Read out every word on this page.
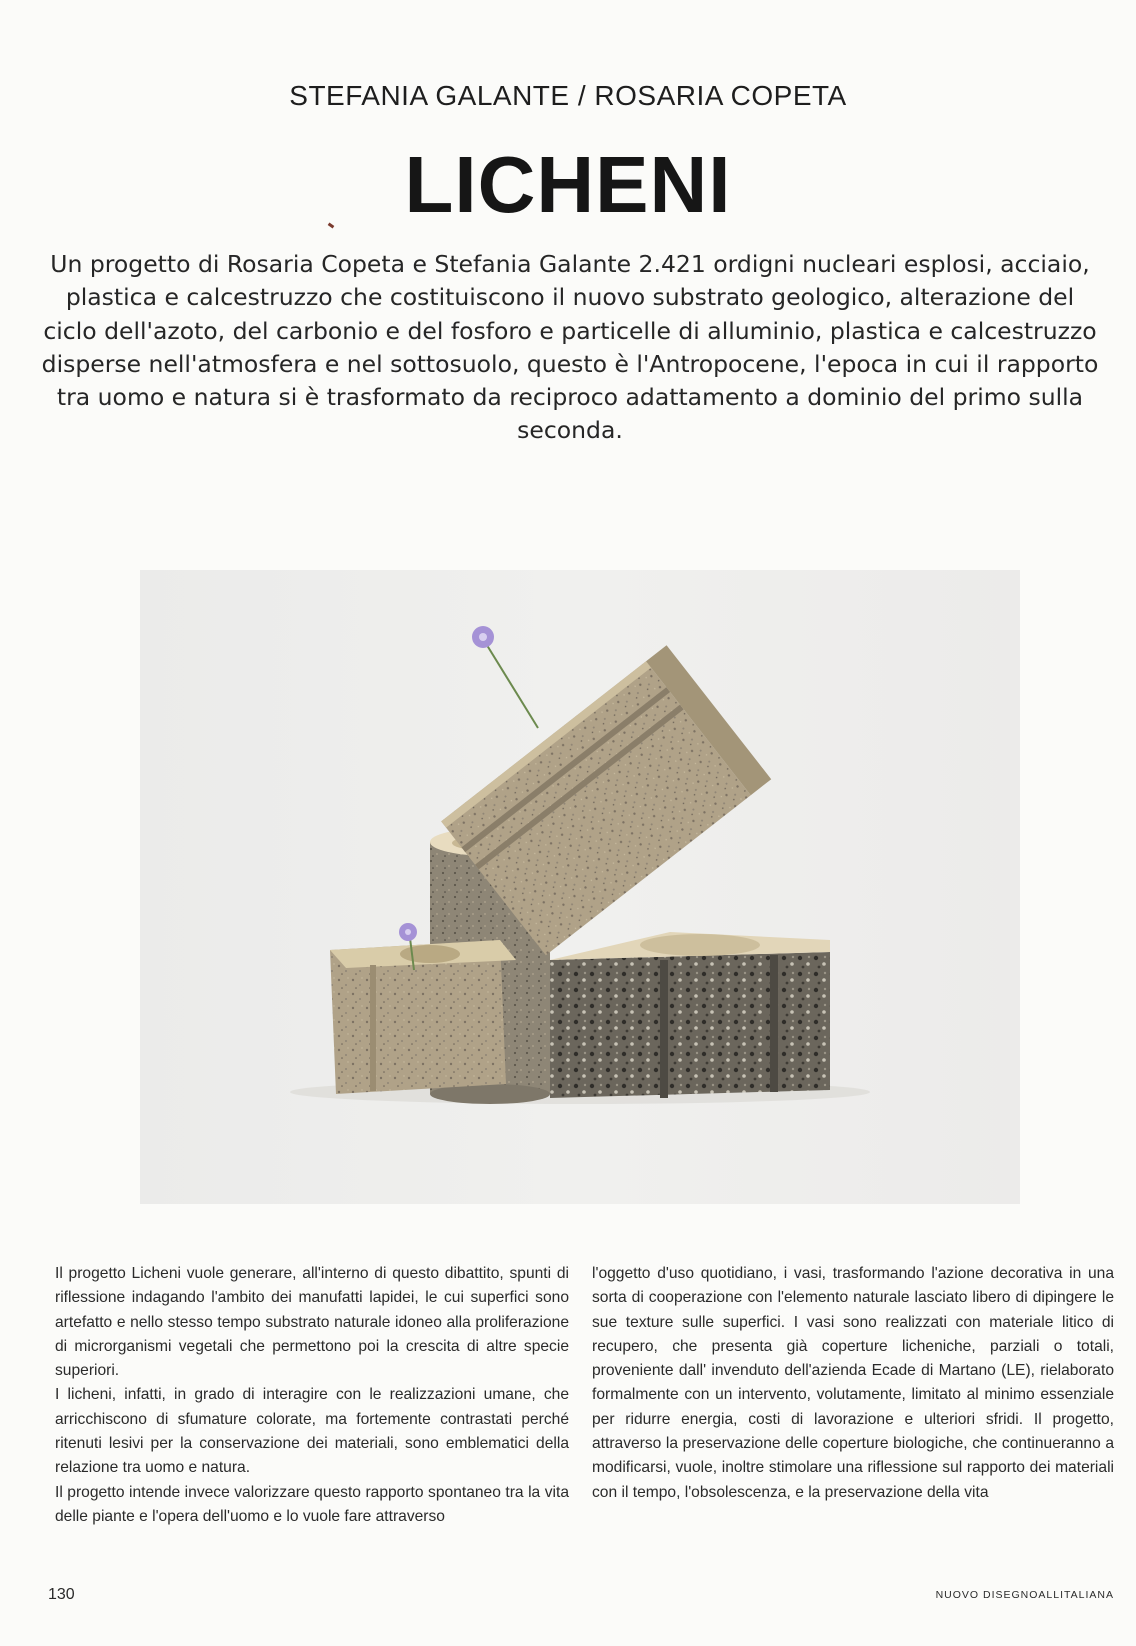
STEFANIA GALANTE / ROSARIA COPETA
LICHENI
Un progetto di Rosaria Copeta e Stefania Galante 2.421 ordigni nucleari esplosi, acciaio, plastica e calcestruzzo che costituiscono il nuovo substrato geologico, alterazione del ciclo dell'azoto, del carbonio e del fosforo e particelle di alluminio, plastica e calcestruzzo disperse nell'atmosfera e nel sottosuolo, questo è l'Antropocene, l'epoca in cui il rapporto tra uomo e natura si è trasformato da reciproco adattamento a dominio del primo sulla seconda.

Il progetto Licheni vuole generare, all'interno di questo dibattito, spunti di riflessione indagando l'ambito dei manufatti lapidei, le cui superfici sono artefatto e nello stesso tempo substrato naturale idoneo alla proliferazione di microrganismi vegetali che permettono poi la crescita di altre specie superiori.

I licheni, infatti, in grado di interagire con le realizzazioni umane, che arricchiscono di sfumature colorate, ma fortemente contrastati perché ritenuti lesivi per la conservazione dei materiali, sono emblematici della relazione tra uomo e natura.

Il progetto intende invece valorizzare questo rapporto spontaneo tra la vita delle piante e l'opera dell'uomo e lo vuole fare attraverso

l'oggetto d'uso quotidiano, i vasi, trasformando l'azione decorativa in una sorta di cooperazione con l'elemento naturale lasciato libero di dipingere le sue texture sulle superfici. I vasi sono realizzati con materiale litico di recupero, che presenta già coperture licheniche, parziali o totali, proveniente dall' invenduto dell'azienda Ecade di Martano (LE), rielaborato formalmente con un intervento, volutamente, limitato al minimo essenziale per ridurre energia, costi di lavorazione e ulteriori sfridi. Il progetto, attraverso la preservazione delle coperture biologiche, che continueranno a modificarsi, vuole, inoltre stimolare una riflessione sul rapporto dei materiali con il tempo, l'obsolescenza, e la preservazione della vita

130	NUOVO DISEGNOALLITALIANA
